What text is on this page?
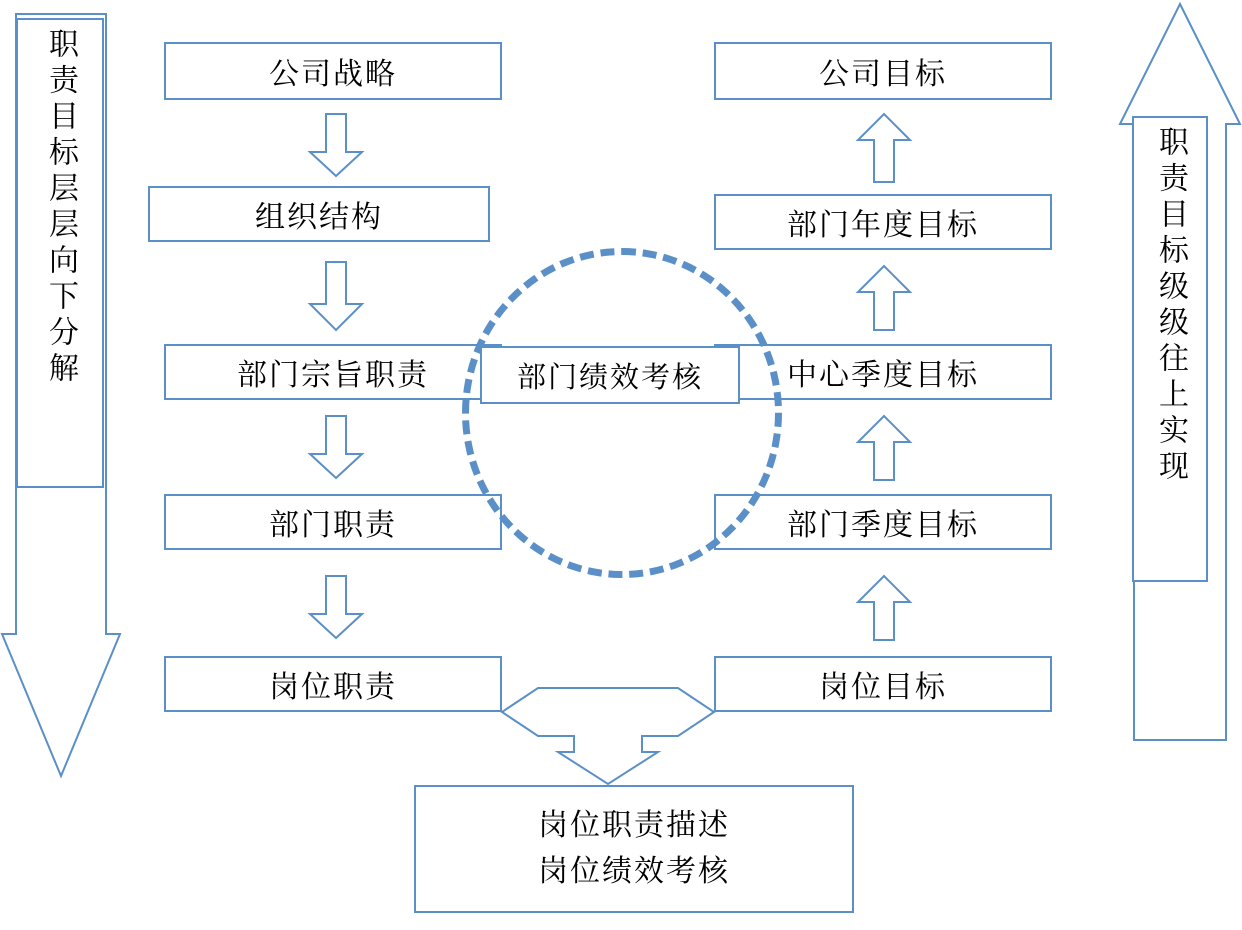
职责目标层层向下分解	职责目标级级往上实现
公司战略
组织结构
部门宗旨职责
部门职责
岗位职责
公司目标
部门年度目标
中心季度目标
部门季度目标
岗位目标
部门绩效考核
岗位职责描述
岗位绩效考核
